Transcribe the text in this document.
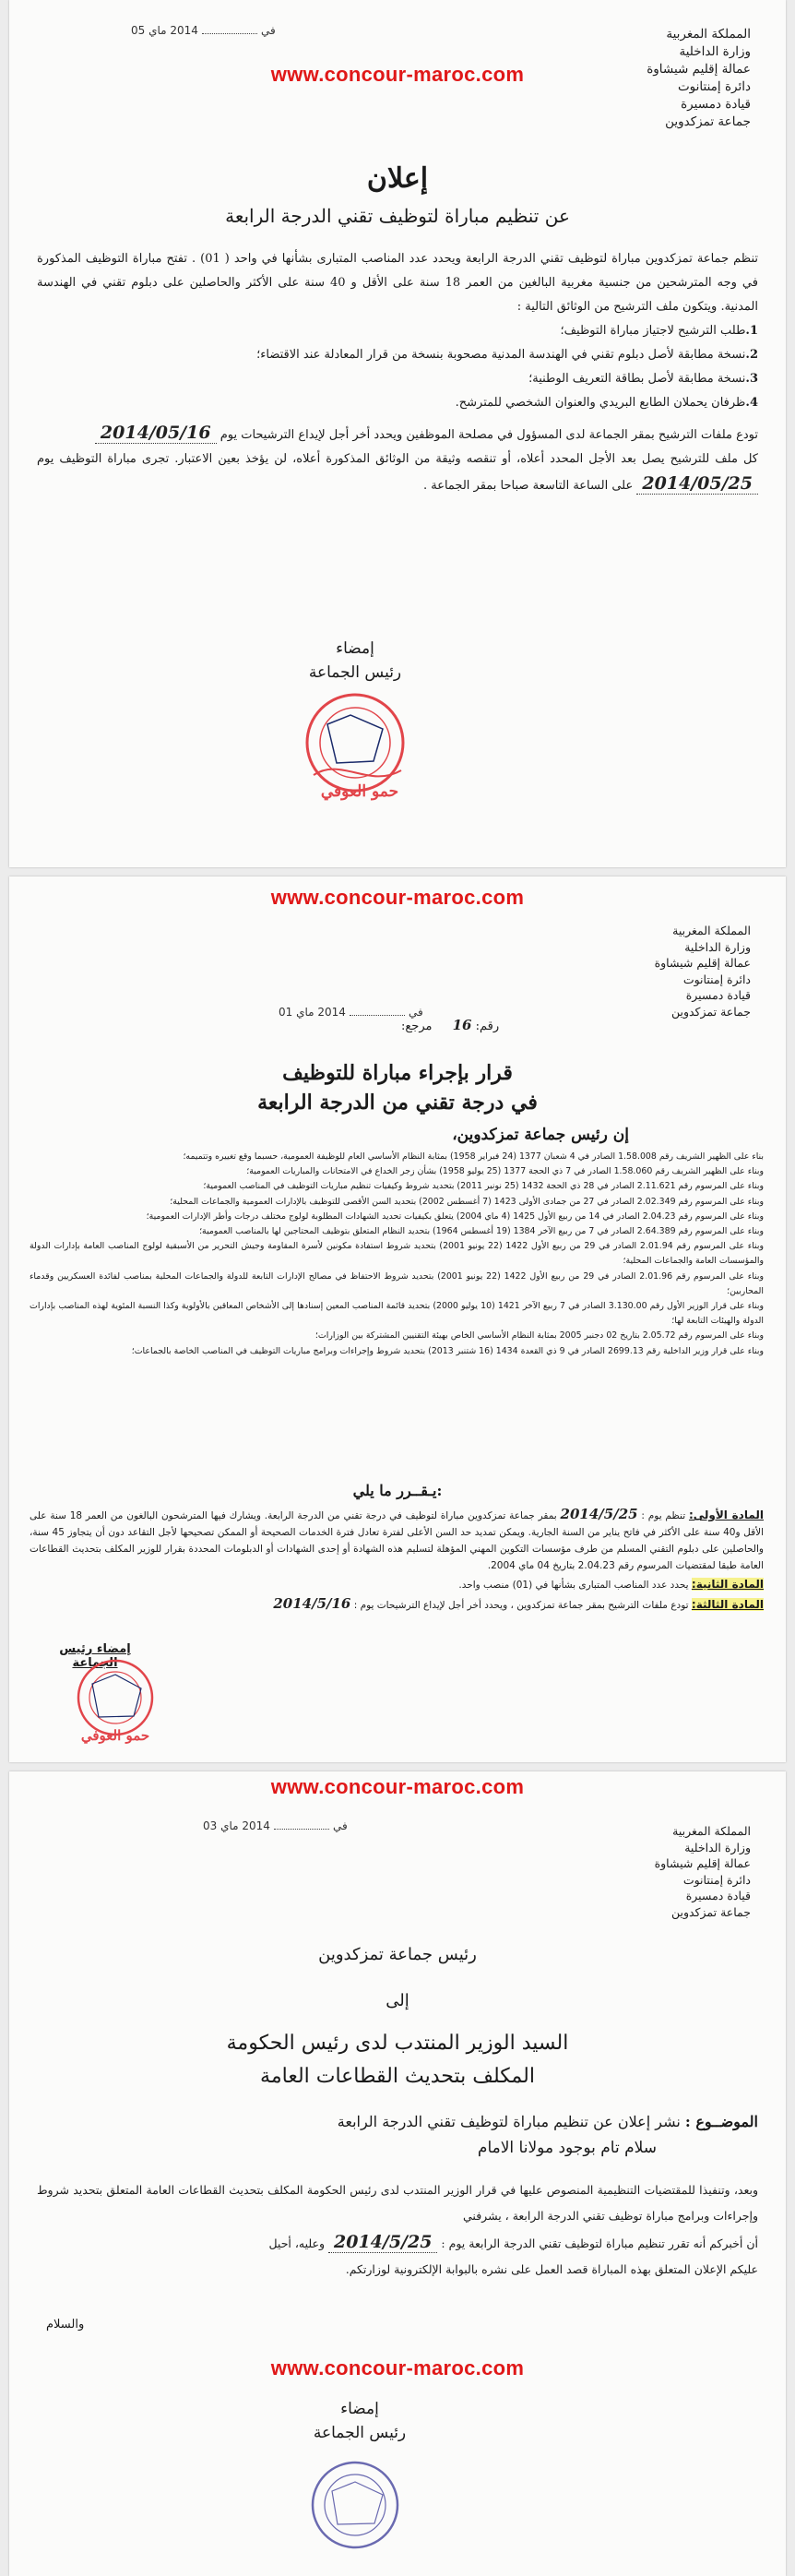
في2014 ماي 05	المملكة المغربية
وزارة الداخلية
عمالة إقليم شيشاوة
دائرة إمنتانوت
قيادة دمسيرة
جماعة تمزكدوين
www.concour-maroc.com
إعلان
عن تنظيم مباراة لتوظيف تقني الدرجة الرابعة

تنظم جماعة تمزكدوين مباراة لتوظيف تقني الدرجة الرابعة ويحدد عدد المناصب المتبارى بشأنها في واحد ( 01) . تفتح مباراة التوظيف المذكورة في وجه المترشحين من جنسية مغربية البالغين من العمر 18 سنة على الأقل و 40 سنة على الأكثر والحاصلين على دبلوم تقني في الهندسة المدنية. ويتكون ملف الترشيح من الوثائق التالية :

1.طلب الترشيح لاجتياز مباراة التوظيف؛

2.نسخة مطابقة لأصل دبلوم تقني في الهندسة المدنية مصحوبة بنسخة من قرار المعادلة عند الاقتضاء؛

3.نسخة مطابقة لأصل بطاقة التعريف الوطنية؛

4.ظرفان يحملان الطابع البريدي والعنوان الشخصي للمترشح.

تودع ملفات الترشيح بمقر الجماعة لدى المسؤول في مصلحة الموظفين ويحدد أخر أجل لإيداع الترشيحات يوم 2014/05/16

كل ملف للترشيح يصل بعد الأجل المحدد أعلاه، أو تنقصه وثيقة من الوثائق المذكورة أعلاه، لن يؤخذ بعين الاعتبار. تجرى مباراة التوظيف يوم 2014/05/25 على الساعة التاسعة صباحا بمقر الجماعة .

إمضاء
رئيس الجماعة
حمو العوفي
www.concour-maroc.com
المملكة المغربية
وزارة الداخلية
عمالة إقليم شيشاوة
دائرة إمنتانوت
قيادة دمسيرة
جماعة تمزكدوين
في2014 ماي 01
رقم: 16 مرجع:
قرار بإجراء مباراة للتوظيف
في درجة تقني من الدرجة الرابعة
إن رئيس جماعة تمزكدوين،

بناء على الظهير الشريف رقم 1.58.008 الصادر في 4 شعبان 1377 (24 فبراير 1958) بمثابة النظام الأساسي العام للوظيفة العمومية، حسبما وقع تغييره وتتميمه؛

وبناء على الظهير الشريف رقم 1.58.060 الصادر في 7 ذي الحجة 1377 (25 يوليو 1958) بشأن زجر الخداع في الامتحانات والمباريات العمومية؛

وبناء على المرسوم رقم 2.11.621 الصادر في 28 ذي الحجة 1432 (25 نونبر 2011) بتحديد شروط وكيفيات تنظيم مباريات التوظيف في المناصب العمومية؛

وبناء على المرسوم رقم 2.02.349 الصادر في 27 من جمادى الأولى 1423 (7 أغسطس 2002) بتحديد السن الأقصى للتوظيف بالإدارات العمومية والجماعات المحلية؛

وبناء على المرسوم رقم 2.04.23 الصادر في 14 من ربيع الأول 1425 (4 ماي 2004) يتعلق بكيفيات تحديد الشهادات المطلوبة لولوج مختلف درجات وأطر الإدارات العمومية؛

وبناء على المرسوم رقم 2.64.389 الصادر في 7 من ربيع الآخر 1384 (19 أغسطس 1964) بتحديد النظام المتعلق بتوظيف المحتاجين لها بالمناصب العمومية؛

وبناء على المرسوم رقم 2.01.94 الصادر في 29 من ربيع الأول 1422 (22 يونيو 2001) بتحديد شروط استفادة مكونين لأسرة المقاومة وجيش التحرير من الأسبقية لولوج المناصب العامة بإدارات الدولة والمؤسسات العامة والجماعات المحلية؛

وبناء على المرسوم رقم 2.01.96 الصادر في 29 من ربيع الأول 1422 (22 يونيو 2001) بتحديد شروط الاحتفاظ في مصالح الإدارات التابعة للدولة والجماعات المحلية بمناصب لفائدة العسكريين وقدماء المحاربين؛

وبناء على قرار الوزير الأول رقم 3.130.00 الصادر في 7 ربيع الآخر 1421 (10 يوليو 2000) بتحديد قائمة المناصب المعين إسنادها إلى الأشخاص المعاقين بالأولوية وكذا النسبة المئوية لهذه المناصب بإدارات الدولة والهيئات التابعة لها؛

وبناء على المرسوم رقم 2.05.72 بتاريخ 02 دجنبر 2005 بمثابة النظام الأساسي الخاص بهيئة التقنيين المشتركة بين الوزارات؛

وبناء على قرار وزير الداخلية رقم 2699.13 الصادر في 9 ذي القعدة 1434 (16 شتنبر 2013) بتحديد شروط وإجراءات وبرامج مباريات التوظيف في المناصب الخاصة بالجماعات؛

يـقــرر ما يلي:

المادة الأولى: تنظم يوم : 2014/5/25 بمقر جماعة تمزكدوين مباراة لتوظيف في درجة تقني من الدرجة الرابعة. ويشارك فيها المترشحون البالغون من العمر 18 سنة على الأقل و40 سنة على الأكثر في فاتح يناير من السنة الجارية. ويمكن تمديد حد السن الأعلى لفترة تعادل فترة الخدمات الصحيحة أو الممكن تصحيحها لأجل التقاعد دون أن يتجاوز 45 سنة، والحاصلين على دبلوم التقني المسلم من طرف مؤسسات التكوين المهني المؤهلة لتسليم هذه الشهادة أو إحدى الشهادات أو الدبلومات المحددة بقرار للوزير المكلف بتحديث القطاعات العامة طبقا لمقتضيات المرسوم رقم 2.04.23 بتاريخ 04 ماي 2004.

المادة الثانية: يحدد عدد المناصب المتبارى بشأنها في (01) منصب واحد.

المادة الثالثة: تودع ملفات الترشيح بمقر جماعة تمزكدوين ، ويحدد أخر أجل لإيداع الترشيحات يوم : 2014/5/16

إمضاء رئيس الجماعة
حمو العوفي
www.concour-maroc.com
في2014 ماي 03	المملكة المغربية
وزارة الداخلية
عمالة إقليم شيشاوة
دائرة إمنتانوت
قيادة دمسيرة
جماعة تمزكدوين
رئيس جماعة تمزكدوين
إلى
السيد الوزير المنتدب لدى رئيس الحكومة
المكلف بتحديث القطاعات العامة
الموضــوع : نشر إعلان عن تنظيم مباراة لتوظيف تقني الدرجة الرابعة
سلام تام بوجود مولانا الامام

وبعد، وتنفيذا للمقتضيات التنظيمية المنصوص عليها في قرار الوزير المنتدب لدى رئيس الحكومة المكلف بتحديث القطاعات العامة المتعلق بتحديد شروط وإجراءات وبرامج مباراة توظيف تقني الدرجة الرابعة ، يشرفني

أن أخبركم أنه تقرر تنظيم مباراة لتوظيف تقني الدرجة الرابعة يوم : 2014/5/25 وعليه، أحيل

عليكم الإعلان المتعلق بهذه المباراة قصد العمل على نشره بالبوابة الإلكترونية لوزارتكم.

والسلام
www.concour-maroc.com
إمضاء
رئيس الجماعة
